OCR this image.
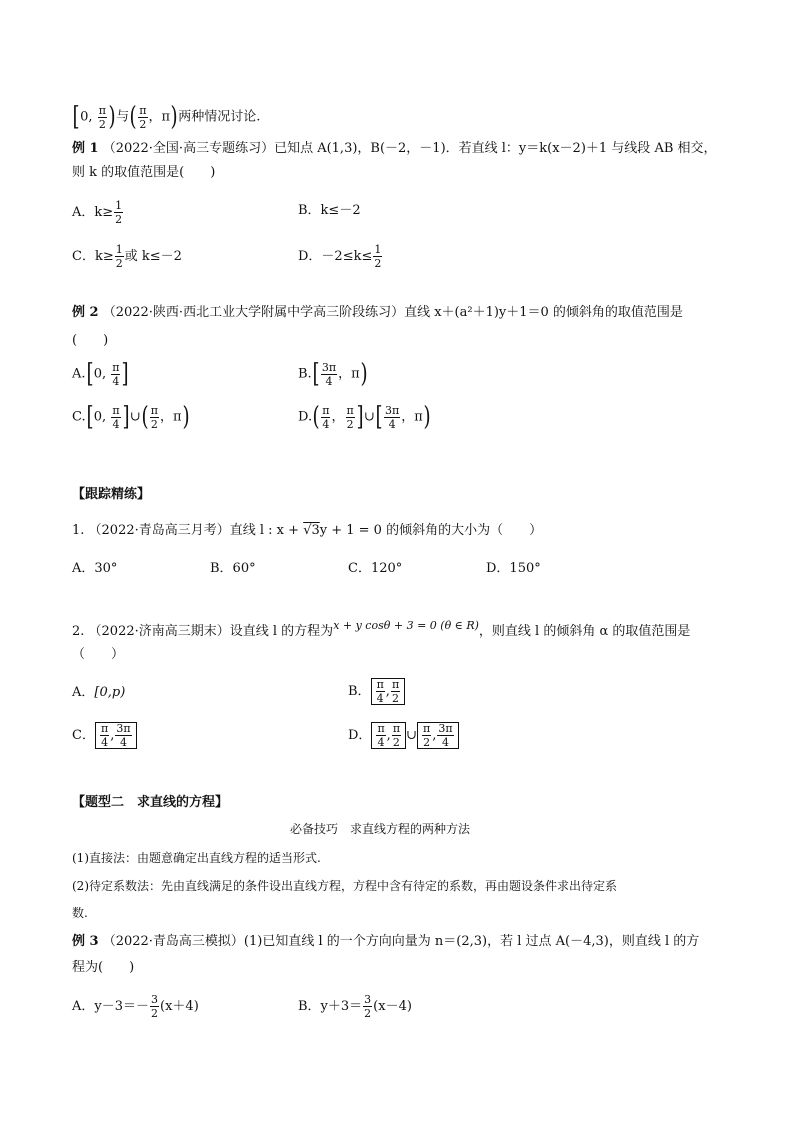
[0, $\frac{\pi}{2}$ )与( $\frac{\pi}{2}$ ，π)两种情况讨论.
例 1 （2022·全国·高三专题练习）已知点 A(1,3)，B(－2，－1)．若直线 l：y＝k(x－2)＋1 与线段 AB 相交，
则 k 的取值范围是(　　)
A．$k\ge \frac{1}{2}$	B．k≤－2
C．$k\ge \frac{1}{2}$ 或 k≤－2	D．$-2\le k\le \frac{1}{2}$
例 2 （2022·陕西·西北工业大学附属中学高三阶段练习）直线 x＋(a²＋1)y＋1＝0 的倾斜角的取值范围是
(　　)
A.[0, $\frac{\pi}{4}$ ]	$B.[ \frac{3\pi}{4}$ ，π)
C.[0, $\frac{\pi}{4}$ ]∪( $\frac{\pi}{2}$ ，π)	$D.( \frac{\pi}{4}$ ， $\frac{\pi}{2}$ ]∪[ $\frac{3\pi}{4}$ ，π)
【跟踪精练】
1. （2022·青岛高三月考）直线 l : x + √3y + 1 = 0 的倾斜角的大小为（　　）
A．30°	B．60°	C．120°	D．150°
2. （2022·济南高三期末）设直线 l 的方程为$^{x + y cos\theta + 3 = 0 (\theta \in R)}$，则直线 l 的倾斜角 α 的取值范围是
（　　）
A．[0,p)	B． $\frac{\pi}{4}$ , $\frac{\pi}{2}$
C． $\frac{\pi}{4}$ , $\frac{3\pi}{4}$	D． $\frac{\pi}{4}$ , $\frac{\pi}{2}$ ∪ $\frac{\pi}{2}$ , $\frac{3\pi}{4}$
【题型二　求直线的方程】
必备技巧　求直线方程的两种方法
(1)直接法：由题意确定出直线方程的适当形式.
(2)待定系数法：先由直线满足的条件设出直线方程，方程中含有待定的系数，再由题设条件求出待定系
数.
例 3 （2022·青岛高三模拟）(1)已知直线 l 的一个方向向量为 n＝(2,3)，若 l 过点 A(－4,3)，则直线 l 的方
程为(　　)
A．$y-3=- \frac{3}{2} (x+4)$	B．$y+3= \frac{3}{2} (x-4)$
